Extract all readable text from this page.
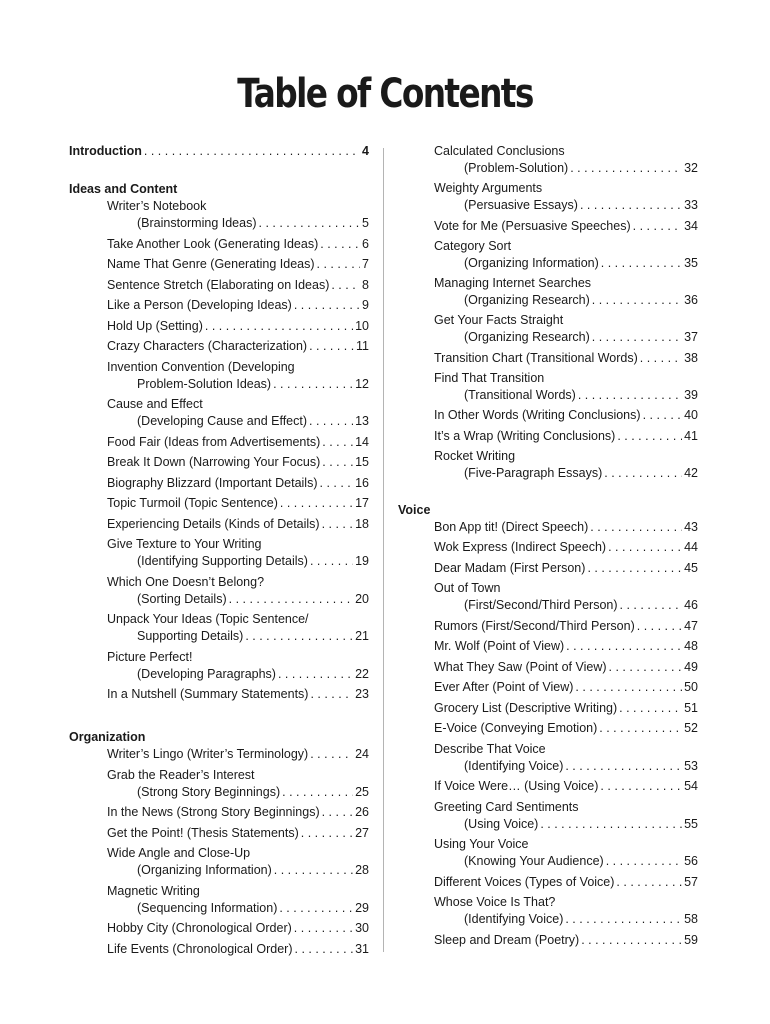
Table of Contents
Introduction . . .	4
Ideas and Content
Writer’s Notebook
(Brainstorming Ideas) . . .	5
Take Another Look (Generating Ideas) . . .	6
Name That Genre (Generating Ideas) . . .	7
Sentence Stretch (Elaborating on Ideas) . . .	8
Like a Person (Developing Ideas) . . .	9
Hold Up (Setting) . . .	10
Crazy Characters (Characterization) . . .	11
Invention Convention (Developing
Problem-Solution Ideas) . . .	12
Cause and Effect
(Developing Cause and Effect) . . .	13
Food Fair (Ideas from Advertisements) . . .	14
Break It Down (Narrowing Your Focus) . . .	15
Biography Blizzard (Important Details) . . .	16
Topic Turmoil (Topic Sentence) . . .	17
Experiencing Details (Kinds of Details) . . .	18
Give Texture to Your Writing
(Identifying Supporting Details) . . .	19
Which One Doesn’t Belong?
(Sorting Details) . . .	20
Unpack Your Ideas (Topic Sentence/
Supporting Details) . . .	21
Picture Perfect!
(Developing Paragraphs) . . .	22
In a Nutshell (Summary Statements) . . .	23
Organization
Writer’s Lingo (Writer’s Terminology) . . .	24
Grab the Reader’s Interest
(Strong Story Beginnings) . . .	25
In the News (Strong Story Beginnings) . . .	26
Get the Point! (Thesis Statements) . . .	27
Wide Angle and Close-Up
(Organizing Information) . . .	28
Magnetic Writing
(Sequencing Information) . . .	29
Hobby City (Chronological Order) . . .	30
Life Events (Chronological Order) . . .	31
Calculated Conclusions
(Problem-Solution) . . .	32
Weighty Arguments
(Persuasive Essays) . . .	33
Vote for Me (Persuasive Speeches) . . .	34
Category Sort
(Organizing Information) . . .	35
Managing Internet Searches
(Organizing Research) . . .	36
Get Your Facts Straight
(Organizing Research) . . .	37
Transition Chart (Transitional Words) . . .	38
Find That Transition
(Transitional Words) . . .	39
In Other Words (Writing Conclusions) . . .	40
It’s a Wrap (Writing Conclusions) . . .	41
Rocket Writing
(Five-Paragraph Essays) . . .	42
Voice
Bon App tit! (Direct Speech) . . .	43
Wok Express (Indirect Speech) . . .	44
Dear Madam (First Person) . . .	45
Out of Town
(First/Second/Third Person) . . .	46
Rumors (First/Second/Third Person) . . .	47
Mr. Wolf (Point of View) . . .	48
What They Saw (Point of View) . . .	49
Ever After (Point of View) . . .	50
Grocery List (Descriptive Writing) . . .	51
E-Voice (Conveying Emotion) . . .	52
Describe That Voice
(Identifying Voice) . . .	53
If Voice Were… (Using Voice) . . .	54
Greeting Card Sentiments
(Using Voice) . . .	55
Using Your Voice
(Knowing Your Audience) . . .	56
Different Voices (Types of Voice) . . .	57
Whose Voice Is That?
(Identifying Voice) . . .	58
Sleep and Dream (Poetry) . . .	59
